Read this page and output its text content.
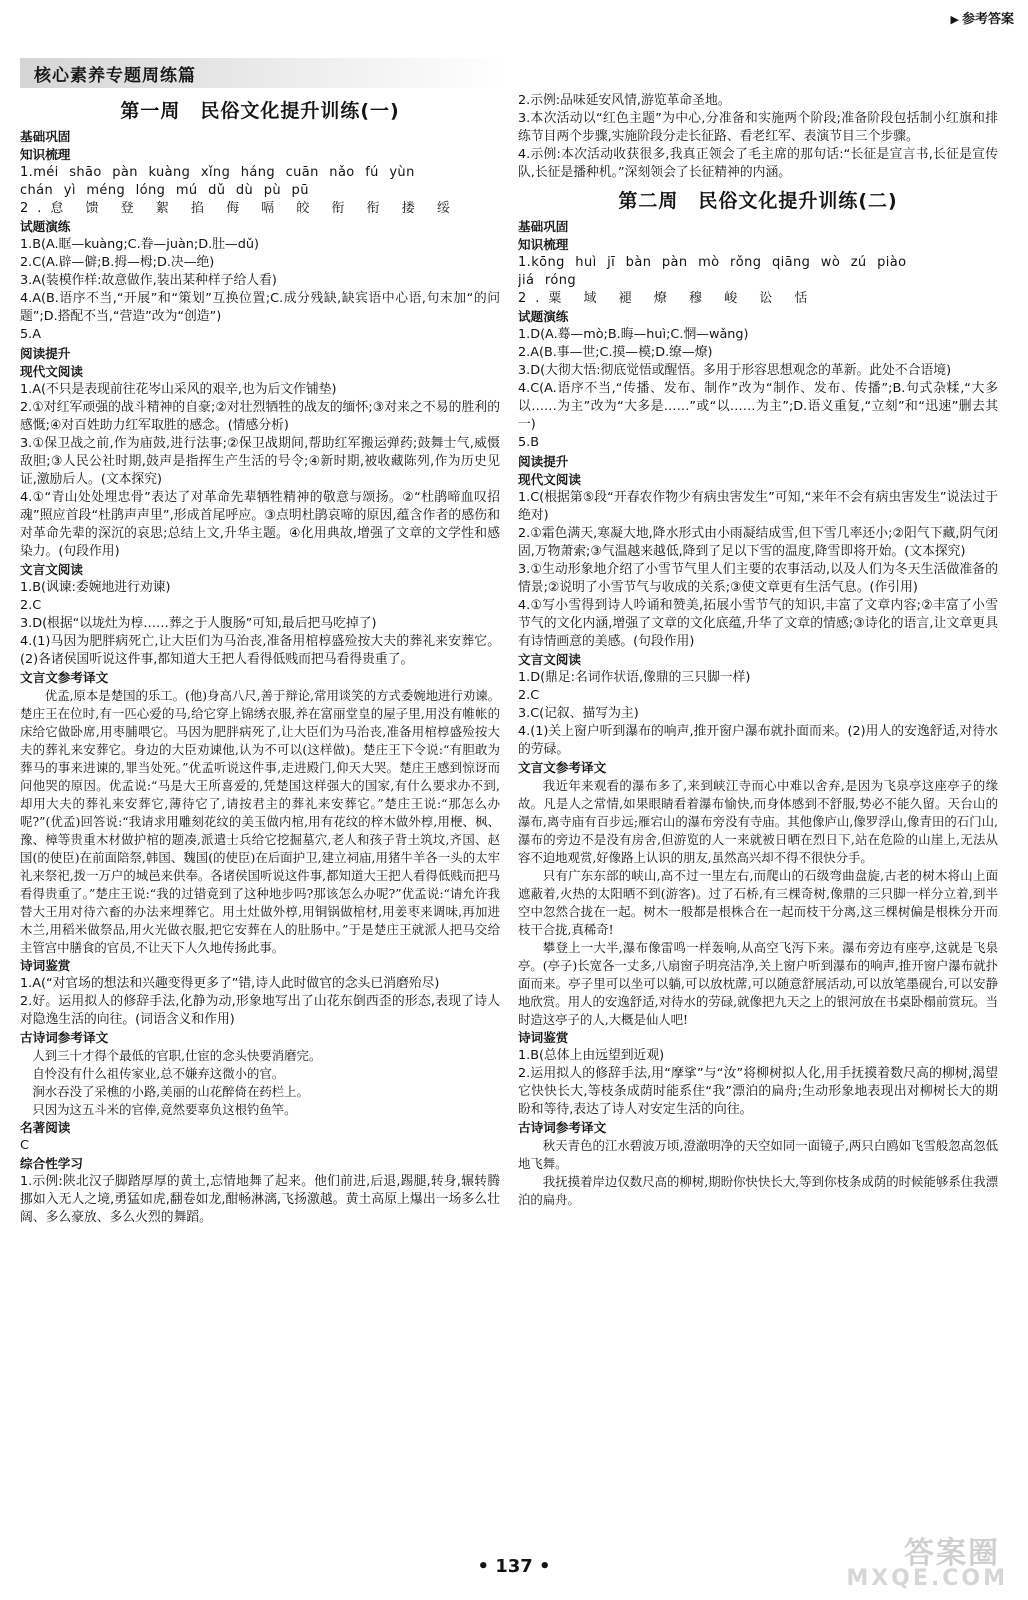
▶ 参考答案
核心素养专题周练篇
第一周　民俗文化提升训练(一)
基础巩固
知识梳理

1.méi shāo pàn kuàng xǐng háng cuān nǎo fú yùn

chán yì méng lóng mú dǔ dù pù pū

2.怠 馈 登 絮 掐 侮 嗝 皎 衔 衔 搂 绥

试题演练

1.B(A.眶—kuàng;C.眷—juàn;D.肚—dǔ)

2.C(A.辟—僻;B.拇—栂;D.决—绝)

3.A(装模作样:故意做作,装出某种样子给人看)

4.A(B.语序不当,“开展”和“策划”互换位置;C.成分残缺,缺宾语中心语,句末加“的问题”;D.搭配不当,“营造”改为“创造”)

5.A

阅读提升
现代文阅读

1.A(不只是表现前往花岑山采风的艰辛,也为后文作铺垫)

2.①对红军顽强的战斗精神的自豪;②对壮烈牺牲的战友的缅怀;③对来之不易的胜利的感慨;④对百姓助力红军取胜的感念。(情感分析)

3.①保卫战之前,作为庙鼓,进行法事;②保卫战期间,帮助红军搬运弹药;鼓舞士气,威慑敌胆;③人民公社时期,鼓声是指挥生产生活的号令;④新时期,被收藏陈列,作为历史见证,激励后人。(文本探究)

4.①“青山处处埋忠骨”表达了对革命先辈牺牲精神的敬意与颂扬。②“杜鹃啼血叹招魂”照应首段“杜鹃声声里”,形成首尾呼应。③点明杜鹃哀啼的原因,蕴含作者的感伤和对革命先辈的深沉的哀思;总结上文,升华主题。④化用典故,增强了文章的文学性和感染力。(句段作用)

文言文阅读

1.B(讽谏:委婉地进行劝谏)

2.C

3.D(根据“以垅灶为椁……葬之于人腹肠”可知,最后把马吃掉了)

4.(1)马因为肥胖病死亡,让大臣们为马治丧,准备用棺椁盛殓按大夫的葬礼来安葬它。(2)各诸侯国听说这件事,都知道大王把人看得低贱而把马看得贵重了。

文言文参考译文

优孟,原本是楚国的乐工。(他)身高八尺,善于辩论,常用谈笑的方式委婉地进行劝谏。楚庄王在位时,有一匹心爱的马,给它穿上锦绣衣服,养在富丽堂皇的屋子里,用没有帷帐的床给它做卧席,用枣脯喂它。马因为肥胖病死了,让大臣们为马治丧,准备用棺椁盛殓按大夫的葬礼来安葬它。身边的大臣劝谏他,认为不可以(这样做)。楚庄王下令说:“有胆敢为葬马的事来进谏的,罪当处死。”优孟听说这件事,走进殿门,仰天大哭。楚庄王感到惊讶而问他哭的原因。优孟说:“马是大王所喜爱的,凭楚国这样强大的国家,有什么要求办不到,却用大夫的葬礼来安葬它,薄待它了,请按君主的葬礼来安葬它。”楚庄王说:“那怎么办呢?”(优孟)回答说:“我请求用雕刻花纹的美玉做内棺,用有花纹的梓木做外椁,用楩、枫、豫、樟等贵重木材做护棺的题凑,派遣士兵给它挖掘墓穴,老人和孩子背土筑坟,齐国、赵国(的使臣)在前面陪祭,韩国、魏国(的使臣)在后面护卫,建立祠庙,用猪牛羊各一头的太牢礼来祭祀,拨一万户的城邑来供奉。各诸侯国听说这件事,都知道大王把人看得低贱而把马看得贵重了。”楚庄王说:“我的过错竟到了这种地步吗?那该怎么办呢?”优孟说:“请允许我替大王用对待六畜的办法来埋葬它。用土灶做外椁,用铜锅做棺材,用姜枣来调味,再加进木兰,用稻米做祭品,用火光做衣服,把它安葬在人的肚肠中。”于是楚庄王就派人把马交给主管宫中膳食的官员,不让天下人久地传扬此事。

诗词鉴赏

1.A(“对官场的想法和兴趣变得更多了”错,诗人此时做官的念头已消磨殆尽)

2.好。运用拟人的修辞手法,化静为动,形象地写出了山花东倒西歪的形态,表现了诗人对隐逸生活的向往。(词语含义和作用)

古诗词参考译文

人到三十才得个最低的官职,仕宦的念头快要消磨完。

自怜没有什么祖传家业,总不嫌弃这微小的官。

涧水吞没了采樵的小路,美丽的山花醉倚在药栏上。

只因为这五斗米的官俸,竟然要辜负这根钓鱼竿。

名著阅读

C

综合性学习

1.示例:陕北汉子脚踏厚厚的黄土,忘情地舞了起来。他们前进,后退,踢腿,转身,辗转腾挪如入无人之境,勇猛如虎,翻卷如龙,酣畅淋漓,飞扬激越。黄土高原上爆出一场多么壮阔、多么豪放、多么火烈的舞蹈。

2.示例:品味延安风情,游览革命圣地。

3.本次活动以“红色主题”为中心,分准备和实施两个阶段;准备阶段包括制小红旗和排练节目两个步骤,实施阶段分走长征路、看老红军、表演节目三个步骤。

4.示例:本次活动收获很多,我真正领会了毛主席的那句话:“长征是宣言书,长征是宣传队,长征是播种机。”深刻领会了长征精神的内涵。

第二周　民俗文化提升训练(二)
基础巩固
知识梳理

1.kōng huì jī bàn pàn mò rǒng qiāng wò zú piào

jiá róng

2.粟 域 褪 燎 穆 峻 讼 恬

试题演练

1.D(A.蓦—mò;B.晦—huì;C.惘—wǎng)

2.A(B.事—世;C.摸—模;D.缭—燎)

3.D(大彻大悟:彻底觉悟或醒悟。多用于形容思想观念的革新。此处不合语境)

4.C(A.语序不当,“传播、发布、制作”改为“制作、发布、传播”;B.句式杂糅,“大多以……为主”改为“大多是……”或“以……为主”;D.语义重复,“立刻”和“迅速”删去其一)

5.B

阅读提升
现代文阅读

1.C(根据第⑤段“开春农作物少有病虫害发生”可知,“来年不会有病虫害发生”说法过于绝对)

2.①霜色满天,寒凝大地,降水形式由小雨凝结成雪,但下雪几率还小;②阳气下藏,阴气闭固,万物萧索;③气温越来越低,降到了足以下雪的温度,降雪即将开始。(文本探究)

3.①生动形象地介绍了小雪节气里人们主要的农事活动,以及人们为冬天生活做准备的情景;②说明了小雪节气与收成的关系;③使文章更有生活气息。(作引用)

4.①写小雪得到诗人吟诵和赞美,拓展小雪节气的知识,丰富了文章内容;②丰富了小雪节气的文化内涵,增强了文章的文化底蕴,升华了文章的情感;③诗化的语言,让文章更具有诗情画意的美感。(句段作用)

文言文阅读

1.D(鼎足:名词作状语,像鼎的三只脚一样)

2.C

3.C(记叙、描写为主)

4.(1)关上窗户听到瀑布的响声,推开窗户瀑布就扑面而来。(2)用人的安逸舒适,对待水的劳碌。

文言文参考译文

我近年来观看的瀑布多了,来到峡江寺而心中难以舍弃,是因为飞泉亭这座亭子的缘故。凡是人之常情,如果眼睛看着瀑布愉快,而身体感到不舒服,势必不能久留。天台山的瀑布,离寺庙有百步远;雁宕山的瀑布旁没有寺庙。其他像庐山,像罗浮山,像青田的石门山,瀑布的旁边不是没有房舍,但游览的人一来就被日晒在烈日下,站在危险的山崖上,无法从容不迫地观赏,好像路上认识的朋友,虽然高兴却不得不很快分手。

只有广东东部的峡山,高不过一里左右,而爬山的石级弯曲盘旋,古老的树木将山上面遮蔽着,火热的太阳晒不到(游客)。过了石桥,有三棵奇树,像鼎的三只脚一样分立着,到半空中忽然合拢在一起。树木一般都是根株合在一起而枝干分离,这三棵树偏是根株分开而枝干合拢,真稀奇!

攀登上一大半,瀑布像雷鸣一样轰响,从高空飞泻下来。瀑布旁边有座亭,这就是飞泉亭。(亭子)长宽各一丈多,八扇窗子明亮洁净,关上窗户听到瀑布的响声,推开窗户瀑布就扑面而来。亭子里可以坐可以躺,可以放枕蓆,可以随意舒展活动,可以放笔墨砚台,可以安静地欣赏。用人的安逸舒适,对待水的劳碌,就像把九天之上的银河放在书桌卧榻前赏玩。当时造这亭子的人,大概是仙人吧!

诗词鉴赏

1.B(总体上由远望到近观)

2.运用拟人的修辞手法,用“摩挲”与“汝”将柳树拟人化,用手抚摸着数尺高的柳树,渴望它快快长大,等枝条成荫时能系住“我”漂泊的扁舟;生动形象地表现出对柳树长大的期盼和等待,表达了诗人对安定生活的向往。

古诗词参考译文

秋天青色的江水碧波万顷,澄澈明净的天空如同一面镜子,两只白鸥如飞雪般忽高忽低地飞舞。

我抚摸着岸边仅数尺高的柳树,期盼你快快长大,等到你枝条成荫的时候能够系住我漂泊的扁舟。

• 137 •	答案圈
MXQE.COM
